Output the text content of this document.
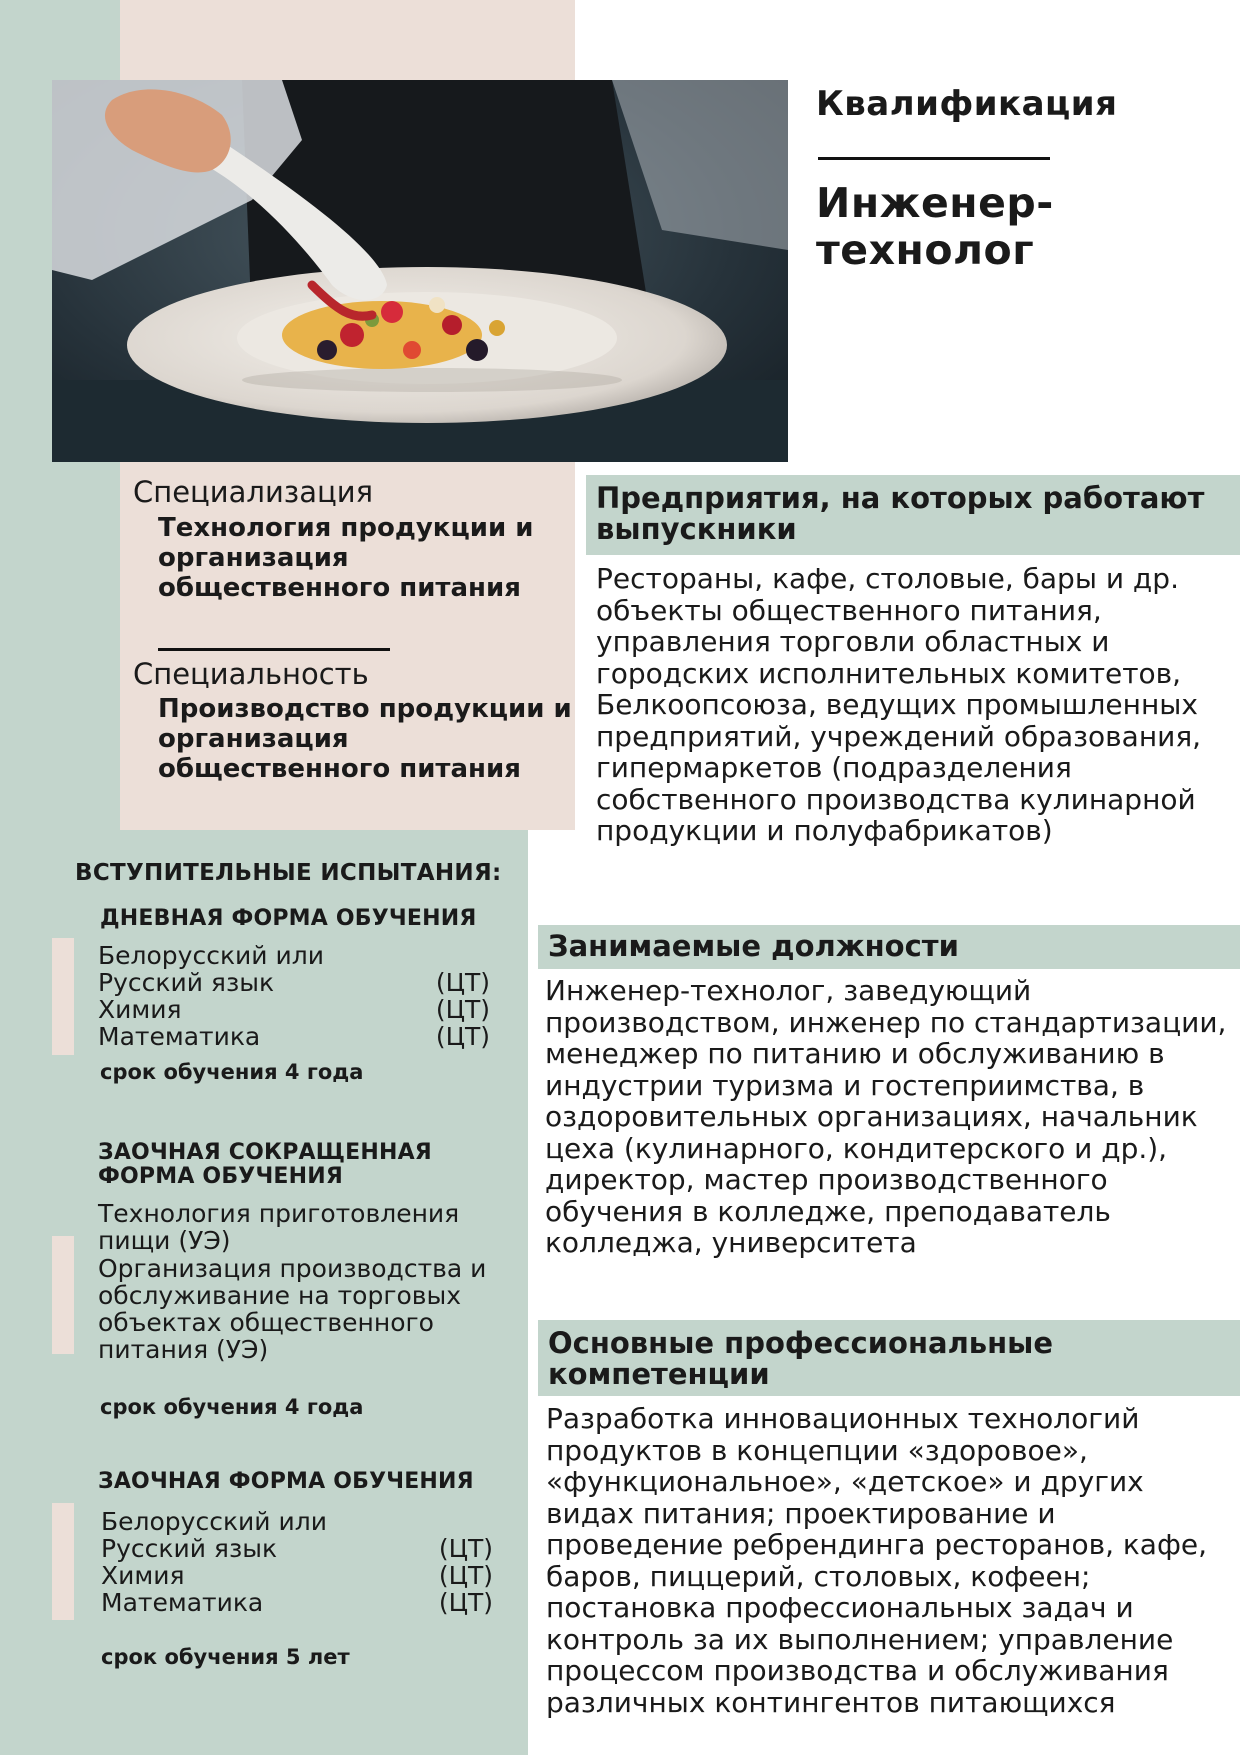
Квалификация
Инженер-технолог
Специализация
Технология продукции и организация общественного питания
Специальность
Производство продукции и организация общественного питания
Предприятия, на которых работают выпускники
Рестораны, кафе, столовые, бары и др. объекты общественного питания, управления торговли областных и городских исполнительных комитетов, Белкоопсоюза, ведущих промышленных предприятий, учреждений образования, гипермаркетов (подразделения собственного производства кулинарной продукции и полуфабрикатов)
Занимаемые должности
Инженер-технолог, заведующий производством, инженер по стандартизации, менеджер по питанию и обслуживанию в индустрии туризма и гостеприимства, в оздоровительных организациях, начальник цеха (кулинарного, кондитерского и др.), директор, мастер производственного обучения в колледже, преподаватель колледжа, университета
Основные профессиональные компетенции
Разработка инновационных технологий продуктов в концепции «здоровое», «функциональное», «детское» и других видах питания; проектирование и проведение ребрендинга ресторанов, кафе, баров, пиццерий, столовых, кофеен; постановка профессиональных задач и контроль за их выполнением; управление процессом производства и обслуживания различных контингентов питающихся
ВСТУПИТЕЛЬНЫЕ ИСПЫТАНИЯ:
ДНЕВНАЯ ФОРМА ОБУЧЕНИЯ
Белорусский или
Русский язык	(ЦТ)
Химия	(ЦТ)
Математика	(ЦТ)
срок обучения 4 года
ЗАОЧНАЯ СОКРАЩЕННАЯ ФОРМА ОБУЧЕНИЯ
Технология приготовления пищи (УЭ)
Организация производства и обслуживание на торговых объектах общественного питания (УЭ)
срок обучения 4 года
ЗАОЧНАЯ ФОРМА ОБУЧЕНИЯ
Белорусский или
Русский язык	(ЦТ)
Химия	(ЦТ)
Математика	(ЦТ)
срок обучения 5 лет
